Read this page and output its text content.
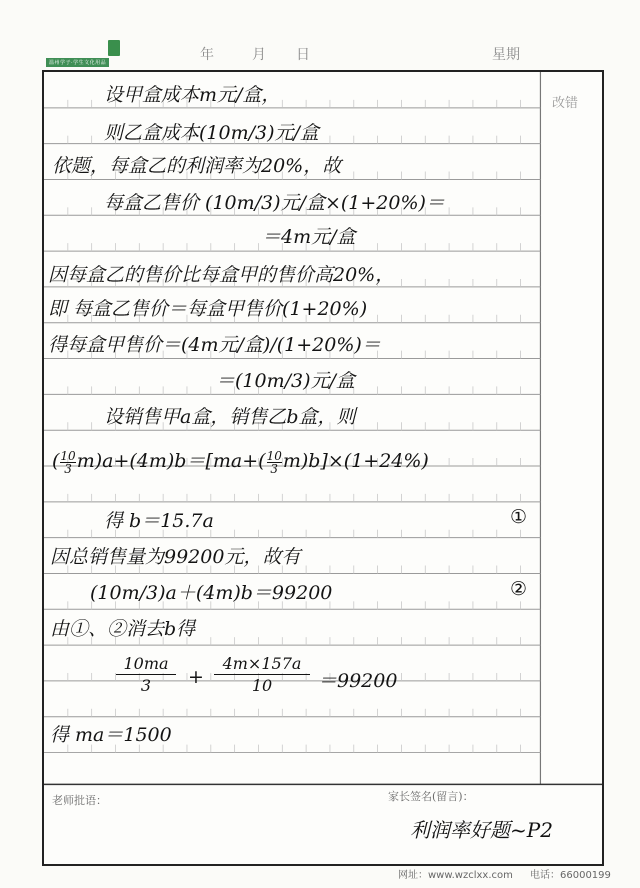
温州学子·学生文化用品	年	月 日	星期
改错
设甲盒成本m元/盒，
则乙盒成本(10m/3)元/盒
依题，每盒乙的利润率为20%，故
每盒乙售价 (10m/3)元/盒×(1+20%)＝
＝4m元/盒
因每盒乙的售价比每盒甲的售价高20%，
即 每盒乙售价＝每盒甲售价(1+20%)
得每盒甲售价＝(4m元/盒)/(1+20%)＝
＝(10m/3)元/盒
设销售甲a盒，销售乙b盒，则
$(\frac{10}{3}m)a+(4m)b=[ma+(\frac{10}{3}m)b]\times(1+24\%)$
得 b＝15.7a	①
因总销售量为99200元，故有
(10m/3)a＋(4m)b＝99200	②
由①、②消去b得
10ma
3	+
4m×157a
10	＝99200
得 ma＝1500
老师批语：	家长签名(留言)：
利润率好题~P2
网址：www.wzclxx.com 电话：66000199
